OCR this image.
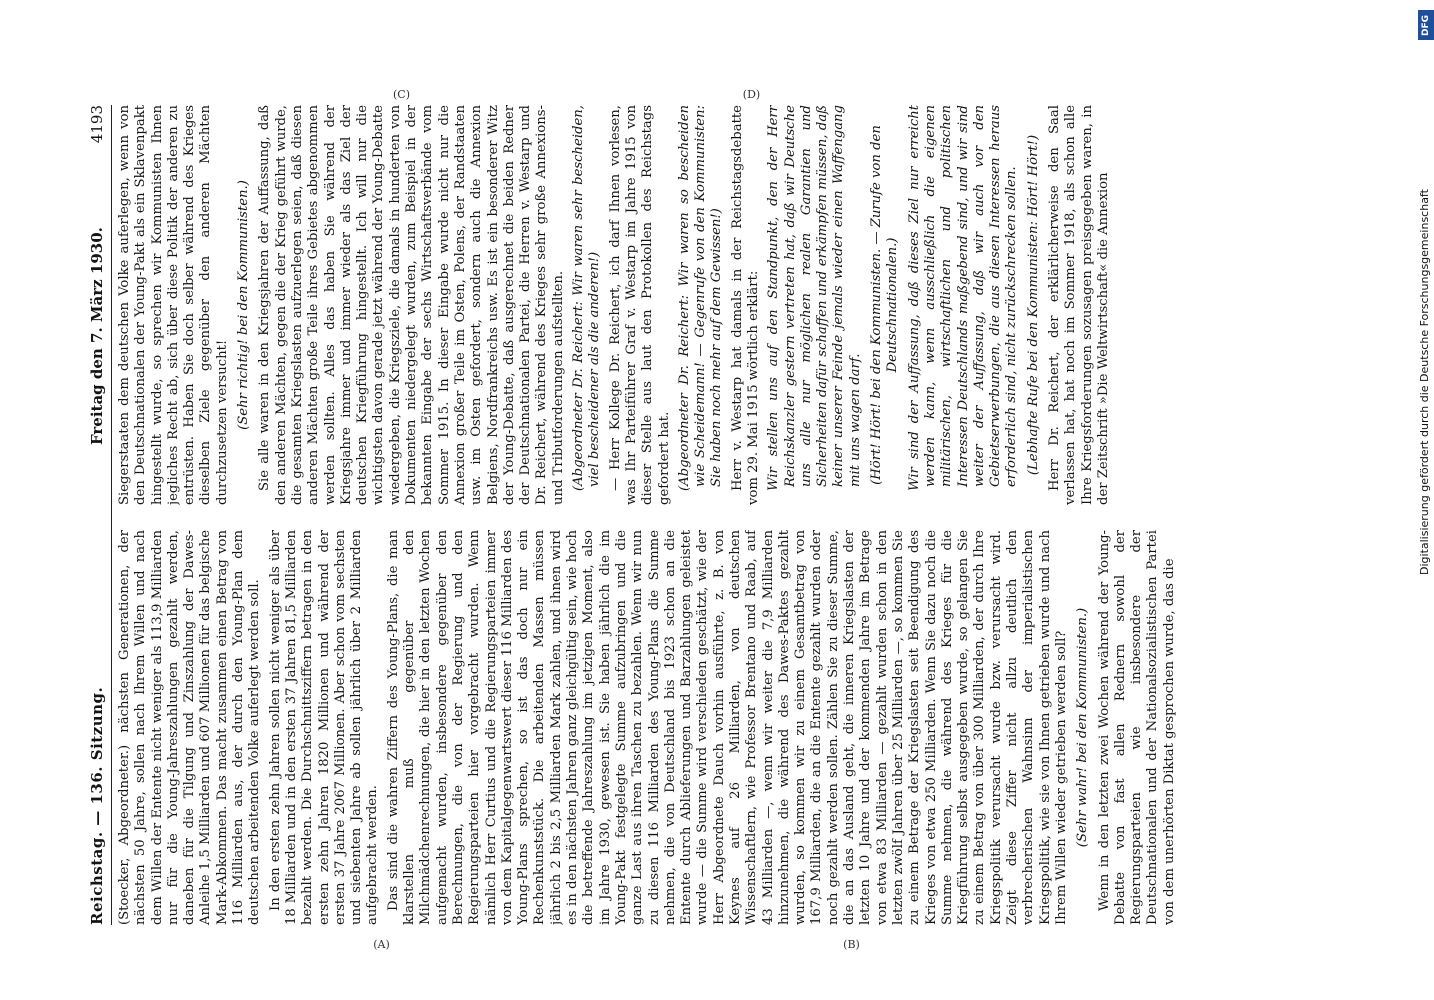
Reichstag. — 136. Sitzung.
Freitag den 7. März 1930.
4193
(A)	(B)
(C)	(D)

(Stoecker, Abgeordneter.) nächsten Generationen, der nächsten 50 Jahre, sollen nach Ihrem Willen und nach dem Willen der Entente nicht weniger als 113,9 Milliarden nur für die Young-Jahreszahlungen gezahlt werden, daneben für die Tilgung und Zinszahlung der Dawes-Anleihe 1,5 Milliarden und 607 Millionen für das belgische Mark-Abkommen. Das macht zusammen einen Betrag von 116 Milliarden aus, der durch den Young-Plan dem deutschen arbeitenden Volke auferlegt werden soll. In den ersten zehn Jahren sollen nicht weniger als über 18 Milliarden und in den ersten 37 Jahren 81,5 Milliarden bezahlt werden. Die Durchschnittsziffern betragen in den ersten zehn Jahren 1820 Millionen und während der ersten 37 Jahre 2067 Millionen. Aber schon vom sechsten und siebenten Jahre ab sollen jährlich über 2 Milliarden aufgebracht werden. Das sind die wahren Ziffern des Young-Plans, die man klarstellen muß gegenüber den Milchmädchenrechnungen, die hier in den letzten Wochen aufgemacht wurden, insbesondere gegenüber den Berechnungen, die von der Regierung und den Regierungsparteien hier vorgebracht wurden. Wenn nämlich Herr Curtius und die Regierungsparteien immer von dem Kapitalgegenwartswert dieser 116 Milliarden des Young-Plans sprechen, so ist das doch nur ein Rechenkunststück. Die arbeitenden Massen müssen jährlich 2 bis 2,5 Milliarden Mark zahlen, und ihnen wird es in den nächsten Jahren ganz gleichgültig sein, wie hoch die betreffende Jahreszahlung im jetzigen Moment, also im Jahre 1930, gewesen ist. Sie haben jährlich die im Young-Pakt festgelegte Summe aufzubringen und die ganze Last aus ihren Taschen zu bezahlen. Wenn wir nun zu diesen 116 Milliarden des Young-Plans die Summe nehmen, die von Deutschland bis 1923 schon an die Entente durch Ablieferungen und Barzahlungen geleistet wurde — die Summe wird verschieden geschätzt, wie der Herr Abgeordnete Dauch vorhin ausführte, z. B. von Keynes auf 26 Milliarden, von deutschen Wissenschaftlern, wie Professor Brentano und Raab, auf 43 Milliarden —, wenn wir weiter die 7,9 Milliarden hinzunehmen, die während des Dawes-Paktes gezahlt wurden, so kommen wir zu einem Gesamtbetrag von 167,9 Milliarden, die an die Entente gezahlt wurden oder noch gezahlt werden sollen. Zählen Sie zu dieser Summe, die an das Ausland geht, die inneren Kriegslasten der letzten 10 Jahre und der kommenden Jahre im Betrage von etwa 83 Milliarden — gezahlt wurden schon in den letzten zwölf Jahren über 25 Milliarden —, so kommen Sie zu einem Betrage der Kriegslasten seit Beendigung des Krieges von etwa 250 Milliarden. Wenn Sie dazu noch die Summe nehmen, die während des Krieges für die Kriegführung selbst ausgegeben wurde, so gelangen Sie zu einem Betrag von über 300 Milliarden, der durch Ihre Kriegspolitik verursacht wurde bzw. verursacht wird. Zeigt diese Ziffer nicht allzu deutlich den verbrecherischen Wahnsinn der imperialistischen Kriegspolitik, wie sie von Ihnen getrieben wurde und nach Ihrem Willen wieder getrieben werden soll? (Sehr wahr! bei den Kommunisten.) Wenn in den letzten zwei Wochen während der Young-Debatte von fast allen Rednern sowohl der Regierungsparteien wie insbesondere der Deutschnationalen und der Nationalsozialistischen Partei von dem unerhörten Diktat gesprochen wurde, das die

Siegerstaaten dem deutschen Volke auferlegen, wenn von den Deutschnationalen der Young-Pakt als ein Sklavenpakt hingestellt wurde, so sprechen wir Kommunisten Ihnen jegliches Recht ab, sich über diese Politik der anderen zu entrüsten. Haben Sie doch selber während des Krieges dieselben Ziele gegenüber den anderen Mächten durchzusetzen versucht! (Sehr richtig! bei den Kommunisten.) Sie alle waren in den Kriegsjahren der Auffassung, daß den anderen Mächten, gegen die der Krieg geführt wurde, die gesamten Kriegslasten aufzuerlegen seien, daß diesen anderen Mächten große Teile ihres Gebietes abgenommen werden sollten. Alles das haben Sie während der Kriegsjahre immer und immer wieder als das Ziel der deutschen Kriegführung hingestellt. Ich will nur die wichtigsten davon gerade jetzt während der Young-Debatte wiedergeben, die Kriegsziele, die damals in hunderten von Dokumenten niedergelegt wurden, zum Beispiel in der bekannten Eingabe der sechs Wirtschaftsverbände vom Sommer 1915. In dieser Eingabe wurde nicht nur die Annexion großer Teile im Osten, Polens, der Randstaaten usw. im Osten gefordert, sondern auch die Annexion Belgiens, Nordfrankreichs usw. Es ist ein besonderer Witz der Young-Debatte, daß ausgerechnet die beiden Redner der Deutschnationalen Partei, die Herren v. Westarp und Dr. Reichert, während des Krieges sehr große Annexions- und Tributforderungen aufstellten. (Abgeordneter Dr. Reichert: Wir waren sehr bescheiden, viel bescheidener als die anderen!) — Herr Kollege Dr. Reichert, ich darf Ihnen vorlesen, was Ihr Parteiführer Graf v. Westarp im Jahre 1915 von dieser Stelle aus laut den Protokollen des Reichstags gefordert hat. (Abgeordneter Dr. Reichert: Wir waren so bescheiden wie Scheidemann! — Gegenrufe von den Kommunisten: Sie haben noch mehr auf dem Gewissen!) Herr v. Westarp hat damals in der Reichstagsdebatte vom 29. Mai 1915 wörtlich erklärt: Wir stellen uns auf den Standpunkt, den der Herr Reichskanzler gestern vertreten hat, daß wir Deutsche uns alle nur möglichen realen Garantien und Sicherheiten dafür schaffen und erkämpfen müssen, daß keiner unserer Feinde jemals wieder einen Waffengang mit uns wagen darf. (Hört! Hört! bei den Kommunisten. — Zurufe von den Deutschnationalen.) Wir sind der Auffassung, daß dieses Ziel nur erreicht werden kann, wenn ausschließlich die eigenen militärischen, wirtschaftlichen und politischen Interessen Deutschlands maßgebend sind, und wir sind weiter der Auffassung, daß wir auch vor den Gebietserwerbungen, die aus diesen Interessen heraus erforderlich sind, nicht zurückschrecken sollen. (Lebhafte Rufe bei den Kommunisten: Hört! Hört!) Herr Dr. Reichert, der erklärlicherweise den Saal verlassen hat, hat noch im Sommer 1918, als schon alle Ihre Kriegsforderungen sozusagen preisgegeben waren, in der Zeitschrift »Die Weltwirtschaft« die Annexion

DFG
Digitalisierung gefördert durch die Deutsche Forschungsgemeinschaft
